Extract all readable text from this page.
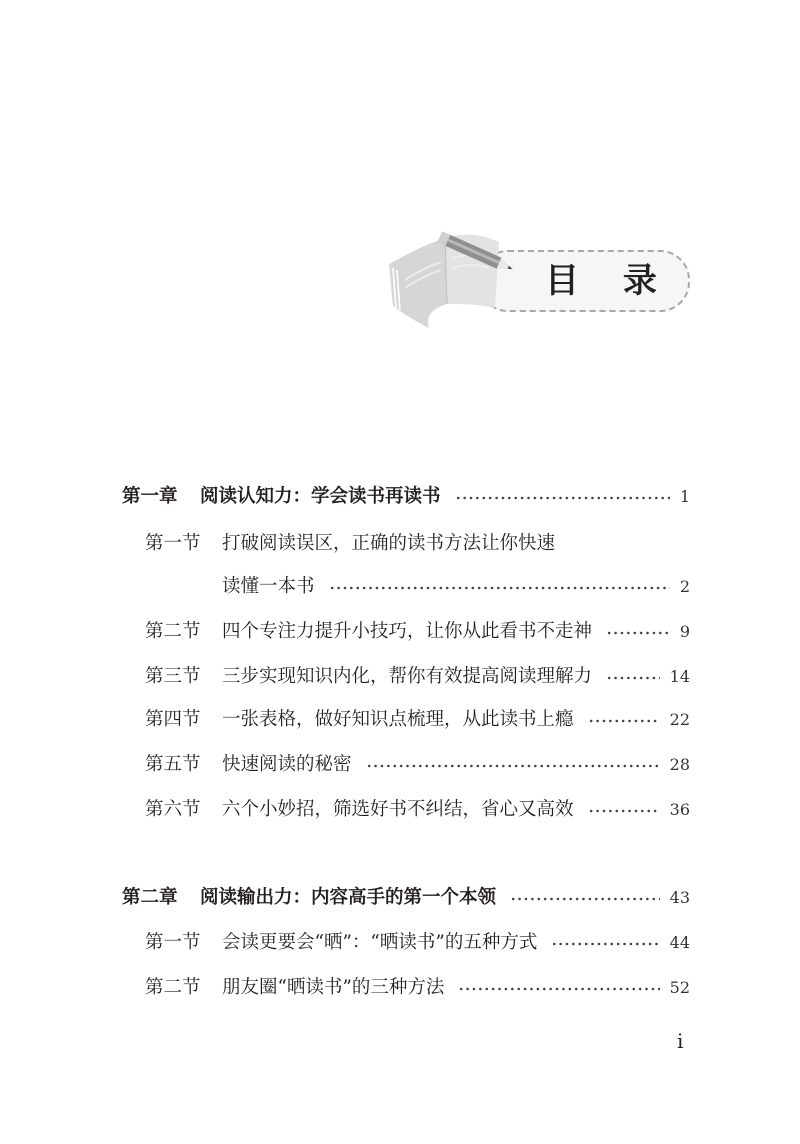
目 录
第一章	阅读认知力：学会读书再读书	1
第一节	打破阅读误区，正确的读书方法让你快速
读懂一本书	2
第二节	四个专注力提升小技巧，让你从此看书不走神	9
第三节	三步实现知识内化，帮你有效提高阅读理解力	14
第四节	一张表格，做好知识点梳理，从此读书上瘾	22
第五节	快速阅读的秘密	28
第六节	六个小妙招，筛选好书不纠结，省心又高效	36
第二章	阅读输出力：内容高手的第一个本领	43
第一节	会读更要会“晒”：“晒读书”的五种方式	44
第二节	朋友圈“晒读书”的三种方法	52
i
